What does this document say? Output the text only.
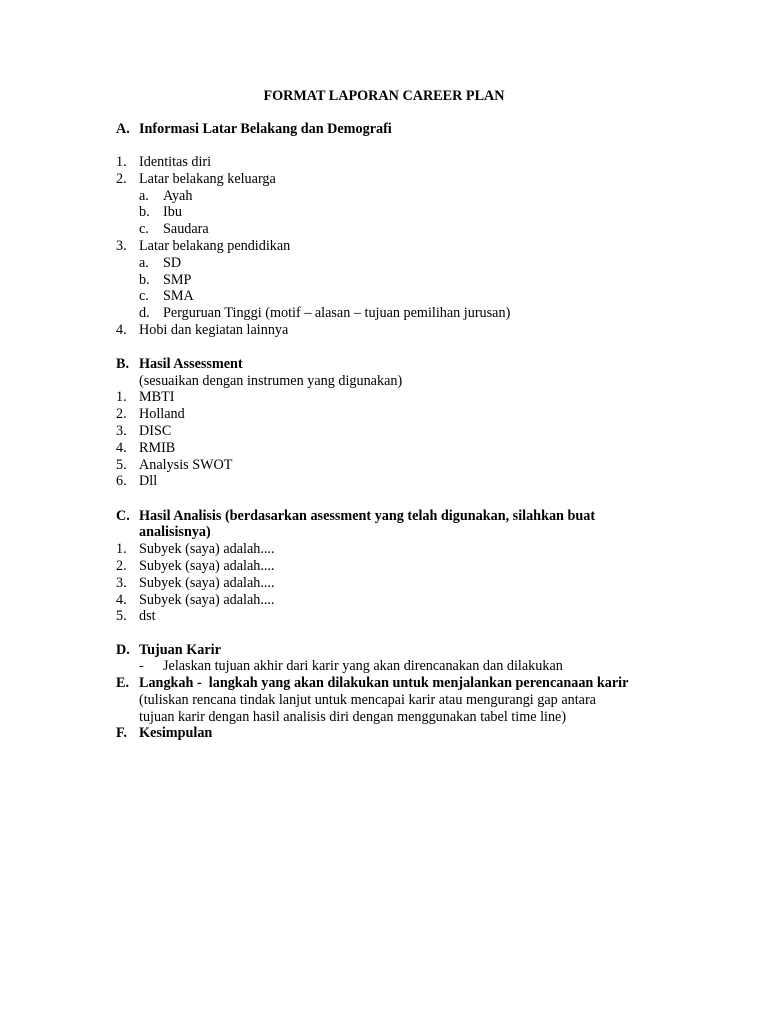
FORMAT LAPORAN CAREER PLAN
A. Informasi Latar Belakang dan Demografi
1. Identitas diri
2. Latar belakang keluarga
a. Ayah
b. Ibu
c. Saudara
3. Latar belakang pendidikan
a. SD
b. SMP
c. SMA
d. Perguruan Tinggi (motif – alasan – tujuan pemilihan jurusan)
4. Hobi dan kegiatan lainnya
B. Hasil Assessment
(sesuaikan dengan instrumen yang digunakan)
1. MBTI
2. Holland
3. DISC
4. RMIB
5. Analysis SWOT
6. Dll
C. Hasil Analisis (berdasarkan asessment yang telah digunakan, silahkan buat
analisisnya)
1. Subyek (saya) adalah....
2. Subyek (saya) adalah....
3. Subyek (saya) adalah....
4. Subyek (saya) adalah....
5. dst
D. Tujuan Karir
- Jelaskan tujuan akhir dari karir yang akan direncanakan dan dilakukan
E. Langkah -  langkah yang akan dilakukan untuk menjalankan perencanaan karir
(tuliskan rencana tindak lanjut untuk mencapai karir atau mengurangi gap antara
tujuan karir dengan hasil analisis diri dengan menggunakan tabel time line)
F. Kesimpulan
